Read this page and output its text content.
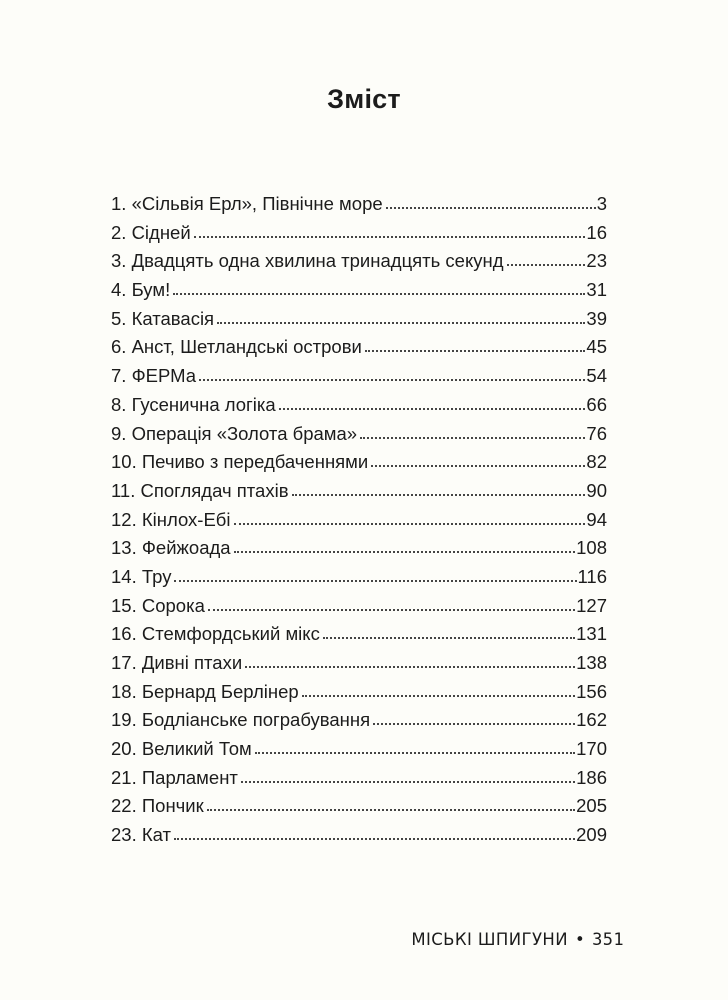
Зміст
1. «Сільвія Ерл», Північне море	3
2. Сідней	16
3. Двадцять одна хвилина тринадцять секунд	23
4. Бум!	31
5. Катавасія	39
6. Анст, Шетландські острови	45
7. ФЕРМа	54
8. Гусенична логіка	66
9. Операція «Золота брама»	76
10. Печиво з передбаченнями	82
11. Споглядач птахів	90
12. Кінлох-Ебі	94
13. Фейжоада	108
14. Тру	116
15. Сорока	127
16. Стемфордський мікс	131
17. Дивні птахи	138
18. Бернард Берлінер	156
19. Бодліанське пограбування	162
20. Великий Том	170
21. Парламент	186
22. Пончик	205
23. Кат	209
МІСЬКІ ШПИГУНИ • 351
